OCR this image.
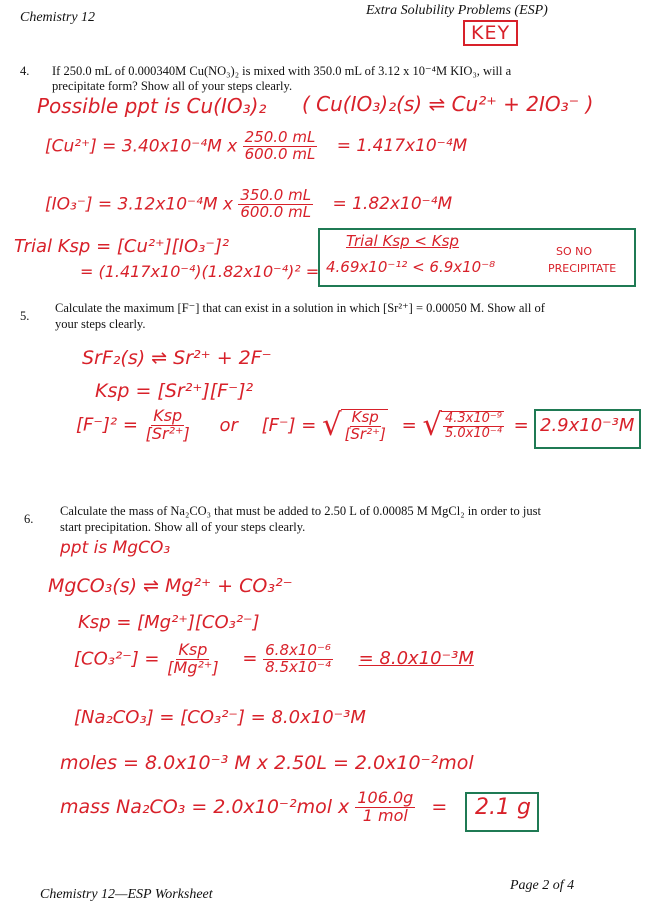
Chemistry 12	Extra Solubility Problems (ESP)
KEY
4. If 250.0 mL of 0.000340M Cu(NO₃)₂ is mixed with 350.0 mL of 3.12 x 10⁻⁴M KIO₃, will a
precipitate form? Show all of your steps clearly.
Possible ppt is Cu(IO₃)₂ ( Cu(IO₃)₂(s) ⇌ Cu²⁺ + 2IO₃⁻ )
[Cu²⁺] = 3.40x10⁻⁴M x $\frac{250.0 mL}{600.0 mL} = 1.417x10^{-4}M$
[IO₃⁻] = 3.12x10⁻⁴M x $\frac{350.0 mL}{600.0 mL} = 1.82x10^{-4}M$
Trial Ksp = [Cu²⁺][IO₃⁻]²
= (1.417x10⁻⁴)(1.82x10⁻⁴)² =
Trial Ksp < Ksp
4.69x10⁻¹² < 6.9x10⁻⁸
SO NO
PRECIPITATE
5.
Calculate the maximum [F⁻] that can exist in a solution in which [Sr²⁺] = 0.00050 M. Show all of
your steps clearly.
SrF₂(s) ⇌ Sr²⁺ + 2F⁻
Ksp = [Sr²⁺][F⁻]²
$[F^-]^2 = \frac{\text{Ksp}}{\text{[Sr²⁺]}}$ or [F⁻] = √ $\frac{\text{Ksp}}{\text{[Sr²⁺]}}$ = √ $\frac{\text{4.3x10⁻⁹}}{\text{5.0x10⁻⁴}} = 2.9x10^{-3}M$
6.
Calculate the mass of Na₂CO₃ that must be added to 2.50 L of 0.00085 M MgCl₂ in order to just
start precipitation. Show all of your steps clearly.
ppt is MgCO₃
MgCO₃(s) ⇌ Mg²⁺ + CO₃²⁻
Ksp = [Mg²⁺][CO₃²⁻]
$[CO_3^{2-}] = \frac{\text{Ksp}}{\text{[Mg²⁺]}} = \frac{\text{6.8x10⁻⁶}}{\text{8.5x10⁻⁴}} = 8.0x10^{-3}M$
[Na₂CO₃] = [CO₃²⁻] = 8.0x10⁻³M
moles = 8.0x10⁻³ M x 2.50L = 2.0x10⁻²mol
mass Na₂CO₃ = 2.0x10⁻²mol x $\frac{106.0g}{\text{1 mol}} = 2.1$ g
Chemistry 12—ESP Worksheet
Page 2 of 4
